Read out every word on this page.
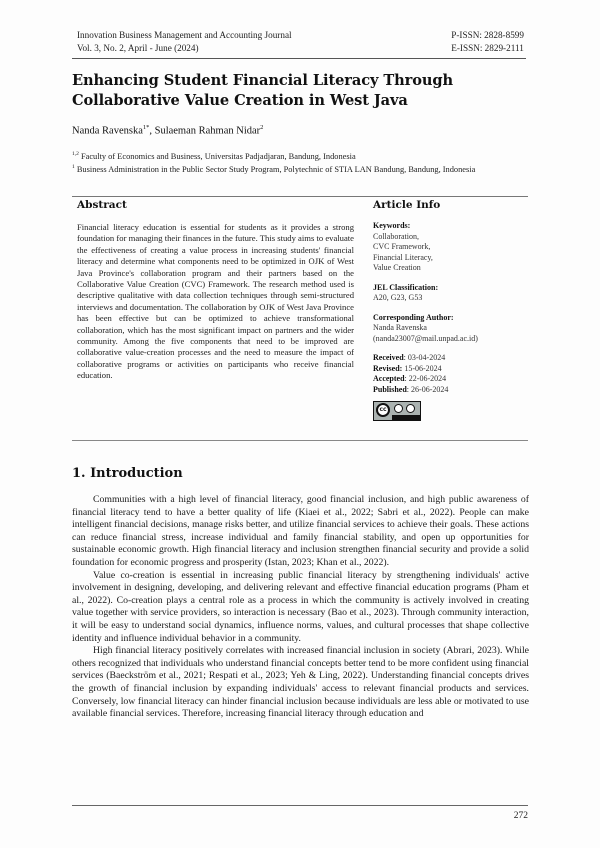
Innovation Business Management and Accounting Journal
Vol. 3, No. 2, April - June (2024)
P-ISSN: 2828-8599
E-ISSN: 2829-2111
Enhancing Student Financial Literacy Through Collaborative Value Creation in West Java
Nanda Ravenska$^{1*}$, Sulaeman Rahman Nidar$^2$
$^{1,2}$ Faculty of Economics and Business, Universitas Padjadjaran, Bandung, Indonesia
$^1$ Business Administration in the Public Sector Study Program, Polytechnic of STIA LAN Bandung, Bandung, Indonesia
Abstract
Financial literacy education is essential for students as it provides a strong foundation for managing their finances in the future. This study aims to evaluate the effectiveness of creating a value process in increasing students' financial literacy and determine what components need to be optimized in OJK of West Java Province's collaboration program and their partners based on the Collaborative Value Creation (CVC) Framework. The research method used is descriptive qualitative with data collection techniques through semi-structured interviews and documentation. The collaboration by OJK of West Java Province has been effective but can be optimized to achieve transformational collaboration, which has the most significant impact on partners and the wider community. Among the five components that need to be improved are collaborative value-creation processes and the need to measure the impact of collaborative programs or activities on participants who receive financial education.
Article Info
Keywords:
Collaboration,
CVC Framework,
Financial Literacy,
Value Creation
JEL Classification:
A20, G23, G53
Corresponding Author:
Nanda Ravenska
(nanda23007@mail.unpad.ac.id)
Received: 03-04-2024
Revised: 15-06-2024
Accepted: 22-06-2024
Published: 26-06-2024
cc
1. Introduction

Communities with a high level of financial literacy, good financial inclusion, and high public awareness of financial literacy tend to have a better quality of life (Kiaei et al., 2022; Sabri et al., 2022). People can make intelligent financial decisions, manage risks better, and utilize financial services to achieve their goals. These actions can reduce financial stress, increase individual and family financial stability, and open up opportunities for sustainable economic growth. High financial literacy and inclusion strengthen financial security and provide a solid foundation for economic progress and prosperity (Istan, 2023; Khan et al., 2022).

Value co-creation is essential in increasing public financial literacy by strengthening individuals' active involvement in designing, developing, and delivering relevant and effective financial education programs (Pham et al., 2022). Co-creation plays a central role as a process in which the community is actively involved in creating value together with service providers, so interaction is necessary (Bao et al., 2023). Through community interaction, it will be easy to understand social dynamics, influence norms, values, and cultural processes that shape collective identity and influence individual behavior in a community.

High financial literacy positively correlates with increased financial inclusion in society (Abrari, 2023). While others recognized that individuals who understand financial concepts better tend to be more confident using financial services (Baeckström et al., 2021; Respati et al., 2023; Yeh & Ling, 2022). Understanding financial concepts drives the growth of financial inclusion by expanding individuals' access to relevant financial products and services. Conversely, low financial literacy can hinder financial inclusion because individuals are less able or motivated to use available financial services. Therefore, increasing financial literacy through education and

272
